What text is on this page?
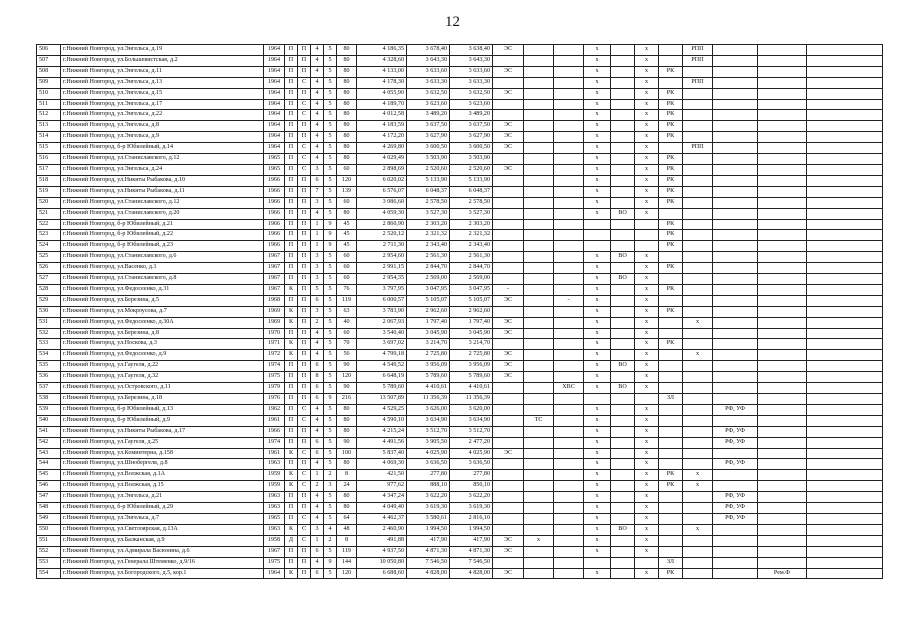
12
506	г.Нижний Новгород, ул.Энгельса, д.19	1964	П	П	4	5	80	4 186,35	3 678,40	3 638,40	ЭС			х		х		РПП			
507	г.Нижний Новгород, ул.Большевистская, д.2	1964	П	П	4	5	80	4 328,60	3 643,30	3 643,30				х		х		РПП			
508	г.Нижний Новгород, ул.Энгельса, д.11	1964	П	П	4	5	80	4 133,00	3 633,60	3 633,60	ЭС			х		х	РК				
509	г.Нижний Новгород, ул.Энгельса, д.13	1964	П	С	4	5	80	4 178,30	3 633,30	3 633,30				х		х		РПП			
510	г.Нижний Новгород, ул.Энгельса, д.15	1964	П	П	4	5	80	4 055,90	3 632,50	3 632,50	ЭС			х		х	РК				
511	г.Нижний Новгород, ул.Энгельса, д.17	1964	П	С	4	5	80	4 189,70	3 623,60	3 623,60				х		х	РК				
512	г.Нижний Новгород, ул.Энгельса, д.22	1964	П	С	4	5	80	4 012,58	3 489,20	3 489,20				х		х	РК				
513	г.Нижний Новгород, ул.Энгельса, д.8	1964	П	П	4	5	80	4 183,59	3 637,50	3 637,50	ЭС			х		х	РК				
514	г.Нижний Новгород, ул.Энгельса, д.9	1964	П	П	4	5	80	4 172,20	3 627,90	3 627,90	ЭС			х		х	РК				
515	г.Нижний Новгород, б-р Юбилейный, д.14	1964	П	С	4	5	80	4 269,80	3 600,50	3 600,50	ЭС			х		х		РПП			
516	г.Нижний Новгород, ул.Станиславского, д.12	1965	П	С	4	5	80	4 029,49	3 503,90	3 503,90				х		х	РК				
517	г.Нижний Новгород, ул.Энгельса, д.24	1965	П	С	3	5	60	2 898,69	2 520,60	2 520,60	ЭС			х		х	РК				
518	г.Нижний Новгород, ул.Никиты Рыбакова, д.10	1966	П	П	6	5	120	6 020,02	5 133,90	5 133,90				х		х	РК				
519	г.Нижний Новгород, ул.Никиты Рыбакова, д.11	1966	П	П	7	5	139	6 576,07	6 048,37	6 048,37				х		х	РК				
520	г.Нижний Новгород, ул.Станиславского, д.12	1966	П	П	3	5	60	3 086,60	2 578,50	2 578,50				х		х	РК				
521	г.Нижний Новгород, ул.Станиславского, д.20	1966	П	П	4	5	80	4 059,30	3 527,30	3 527,30				х	ВО	х					
522	г.Нижний Новгород, б-р Юбилейный, д.21	1966	П	П	1	9	45	2 860,90	2 303,20	2 303,20							РК				
523	г.Нижний Новгород, б-р Юбилейный, д.22	1966	П	П	1	9	45	2 520,12	2 321,32	2 321,32							РК				
524	г.Нижний Новгород, б-р Юбилейный, д.23	1966	П	П	1	9	45	2 711,30	2 343,40	2 343,40							РК				
525	г.Нижний Новгород, ул.Станиславского, д.6	1967	П	П	3	5	60	2 954,60	2 561,30	2 561,30				х	ВО	х					
526	г.Нижний Новгород, ул.Васенко, д.1	1967	П	П	3	5	60	2 991,15	2 844,70	2 844,70				х		х	РК				
527	г.Нижний Новгород, ул.Станиславского, д.8	1967	П	П	3	5	60	2 954,35	2 569,00	2 569,00				х	ВО	х					
528	г.Нижний Новгород, ул.Федосеенко, д.31	1967	К	П	5	5	76	3 797,95	3 047,95	3 047,95	-			х		х	РК				
529	г.Нижний Новгород, ул.Березина, д.5	1968	П	П	6	5	119	6 000,57	5 105,07	5 105,07	ЭС		-	х		х					
530	г.Нижний Новгород, ул.Мокроусова, д.7	1969	К	П	3	5	63	3 783,90	2 962,60	2 962,60				х		х	РК				
531	г.Нижний Новгород, ул.Федосеенко, д.30А	1969	К	П	2	5	40	2 067,93	1 797,40	1 797,40	ЭС			х		х		х			
532	г.Нижний Новгород, ул.Березина, д.8	1970	П	П	4	5	60	3 540,40	3 045,90	3 045,90	ЭС			х		х					
533	г.Нижний Новгород, ул.Носкова, д.3	1971	К	П	4	5	70	3 697,02	3 214,70	3 214,70				х		х	РК				
534	г.Нижний Новгород, ул.Федосеенко, д.9	1972	К	П	4	5	56	4 799,18	2 725,80	2 725,80	ЭС			х		х		х			
535	г.Нижний Новгород, ул.Гаугеля, д.22	1974	П	П	6	5	90	4 549,52	3 956,09	3 956,09	ЭС			х	ВО	х					
536	г.Нижний Новгород, ул.Гаугеля, д.32	1975	П	П	8	5	120	6 648,19	5 789,60	5 789,60	ЭС			х		х					
537	г.Нижний Новгород, ул.Островского, д.11	1979	П	П	6	5	90	5 789,60	4 410,61	4 410,61			ХВС	х	ВО	х					
538	г.Нижний Новгород, ул.Березина, д.18	1976	П	П	6	9	216	13 507,89	11 356,39	11 356,39							ЗЛ				
539	г.Нижний Новгород, б-р Юбилейный, д.13	1962	П	С	4	5	80	4 529,25	3 626,00	3 620,00				х		х			РФ, УФ		
540	г.Нижний Новгород, б-р Юбилейный, д.9	1961	П	С	4	5	80	4 590,10	3 634,90	3 634,90		ТС		х		х					
541	г.Нижний Новгород, ул.Никиты Рыбакова, д.17	1966	П	П	4	5	80	4 215,24	3 512,70	3 512,70				х		х			РФ, УФ		
542	г.Нижний Новгород, ул.Гаугеля, д.25	1974	П	П	6	5	90	4 491,56	3 905,50	2 477,20				х		х			РФ, УФ		
543	г.Нижний Новгород, ул.Коминтерна, д.158	1961	К	С	6	5	100	5 837,40	4 025,90	4 025,90	ЭС			х		х					
544	г.Нижний Новгород, ул.Шнобергеля, д.8	1963	П	П	4	5	80	4 069,30	3 636,50	3 636,50				х		х			РФ, УФ		
545	г.Нижний Новгород, ул.Волжская, д.1А	1959	К	С	1	2	8	421,50	277,80	277,80				х		х	РК	х			
546	г.Нижний Новгород, ул.Волжская, д.15	1959	К	С	2	3	24	977,62	888,10	850,10				х		х	РК	х			
547	г.Нижний Новгород, ул.Энгельса, д.21	1963	П	П	4	5	80	4 347,24	3 622,20	3 622,20				х		х			РФ, УФ		
548	г.Нижний Новгород, б-р Юбилейный, д.29	1963	П	П	4	5	80	4 049,40	3 619,30	3 619,30				х		х			РФ, УФ		
549	г.Нижний Новгород, ул.Энгельса, д.7	1965	П	С	4	5	64	4 462,37	3 580,61	2 816,10				х		х			РФ, УФ		
550	г.Нижний Новгород, ул.Светлоярская, д.13А	1963	К	С	3	4	48	2 460,90	1 994,50	1 994,50				х	ВО	х		х			
551	г.Нижний Новгород, ул.Балканская, д.9	1958	Д	С	1	2	8	491,88	417,90	417,90	ЭС	х		х		х					
552	г.Нижний Новгород, ул.Адмирала Васюнина, д.6	1967	П	П	6	5	119	4 937,50	4 871,30	4 871,30	ЭС			х		х					
553	г.Нижний Новгород, ул.Генерала Штеменко, д.9/16	1975	П	П	4	9	144	10 050,80	7 546,50	7 546,50							ЗЛ				
554	г.Нижний Новгород, ул.Богородского, д.5, кор.1	1964	К	П	6	5	120	6 688,60	4 828,00	4 828,00	ЭС			х		х	РК			Рем.Ф	
